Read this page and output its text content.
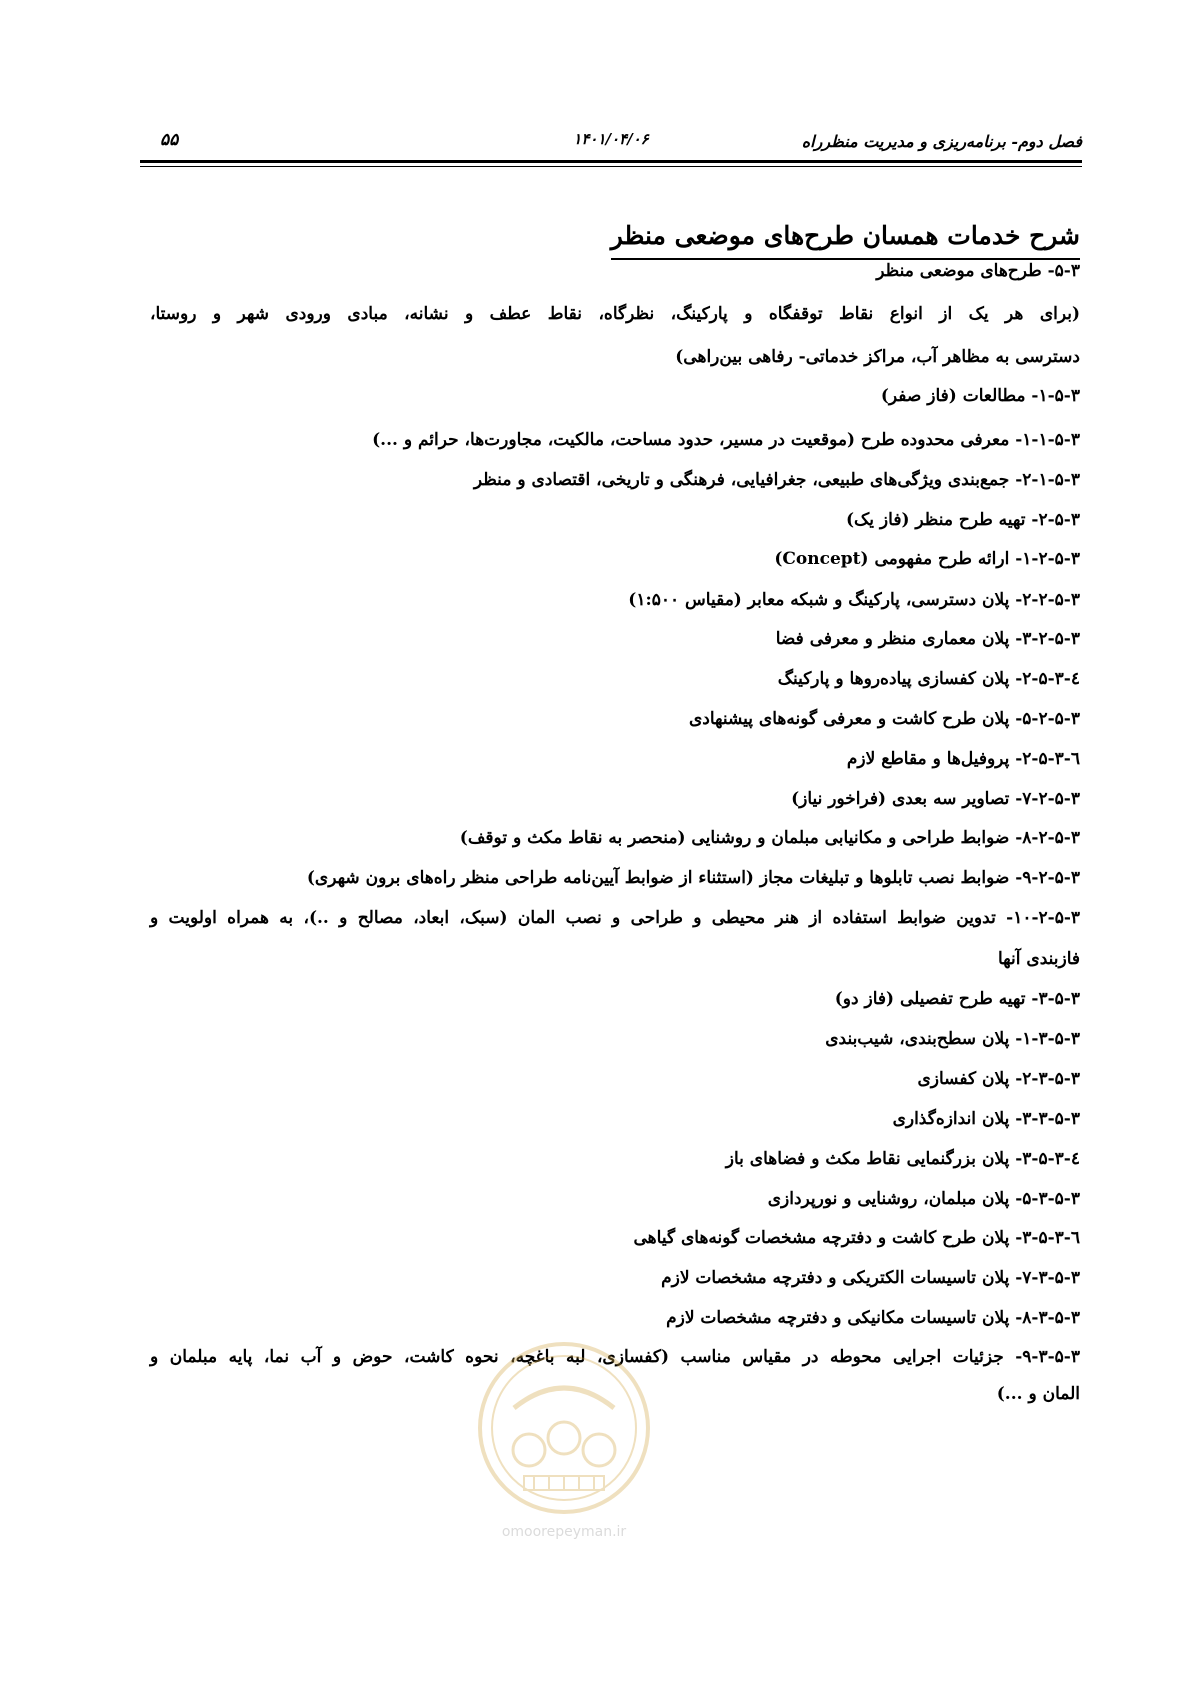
فصل دوم- برنامه‌ریزی و مدیریت منظرراه
۱۴۰۱/۰۴/۰۶
۵۵
شرح خدمات همسان طرح‌های موضعی منظر
۵-۳- طرح‌های موضعی منظر
(برای هر یک از انواع نقاط توقفگاه و پارکینگ، نظرگاه، نقاط عطف و نشانه، مبادی ورودی شهر و روستا،
دسترسی به مظاهر آب، مراکز خدماتی- رفاهی بین‌راهی)
۱-۵-۳- مطالعات (فاز صفر)
۱-۱-۵-۳- معرفی محدوده طرح (موقعیت در مسیر، حدود مساحت، مالکیت، مجاورت‌ها، حرائم و ...)
۲-۱-۵-۳- جمع‌بندی ویژگی‌های طبیعی، جغرافیایی، فرهنگی و تاریخی، اقتصادی و منظر
۲-۵-۳- تهیه طرح منظر (فاز یک)
۱-۲-۵-۳- ارائه طرح مفهومی (Concept)
۲-۲-۵-۳- پلان دسترسی، پارکینگ و شبکه معابر (مقیاس ۱:۵۰۰)
۳-۲-۵-۳- پلان معماری منظر و معرفی فضا
٤-۲-۵-۳- پلان کفسازی پیاده‌روها و پارکینگ
۵-۲-۵-۳- پلان طرح کاشت و معرفی گونه‌های پیشنهادی
٦-۲-۵-۳- پروفیل‌ها و مقاطع لازم
۷-۲-۵-۳- تصاویر سه بعدی (فراخور نیاز)
۸-۲-۵-۳- ضوابط طراحی و مکانیابی مبلمان و روشنایی (منحصر به نقاط مکث و توقف)
۹-۲-۵-۳- ضوابط نصب تابلوها و تبلیغات مجاز (استثناء از ضوابط آیین‌نامه طراحی منظر راه‌های برون شهری)
۱۰-۲-۵-۳- تدوین ضوابط استفاده از هنر محیطی و طراحی و نصب المان (سبک، ابعاد، مصالح و ..)، به همراه اولویت و
فازبندی آنها
۳-۵-۳- تهیه طرح تفصیلی (فاز دو)
۱-۳-۵-۳- پلان سطح‌بندی، شیب‌بندی
۲-۳-۵-۳- پلان کفسازی
۳-۳-۵-۳- پلان اندازه‌گذاری
٤-۳-۵-۳- پلان بزرگنمایی نقاط مکث و فضاهای باز
۵-۳-۵-۳- پلان مبلمان، روشنایی و نورپردازی
٦-۳-۵-۳- پلان طرح کاشت و دفترچه مشخصات گونه‌های گیاهی
۷-۳-۵-۳- پلان تاسیسات الکتریکی و دفترچه مشخصات لازم
۸-۳-۵-۳- پلان تاسیسات مکانیکی و دفترچه مشخصات لازم
۹-۳-۵-۳- جزئیات اجرایی محوطه در مقیاس مناسب (کفسازی، لبه باغچه، نحوه کاشت، حوض و آب نما، پایه مبلمان و
المان و ...)
omoorepeyman.ir
